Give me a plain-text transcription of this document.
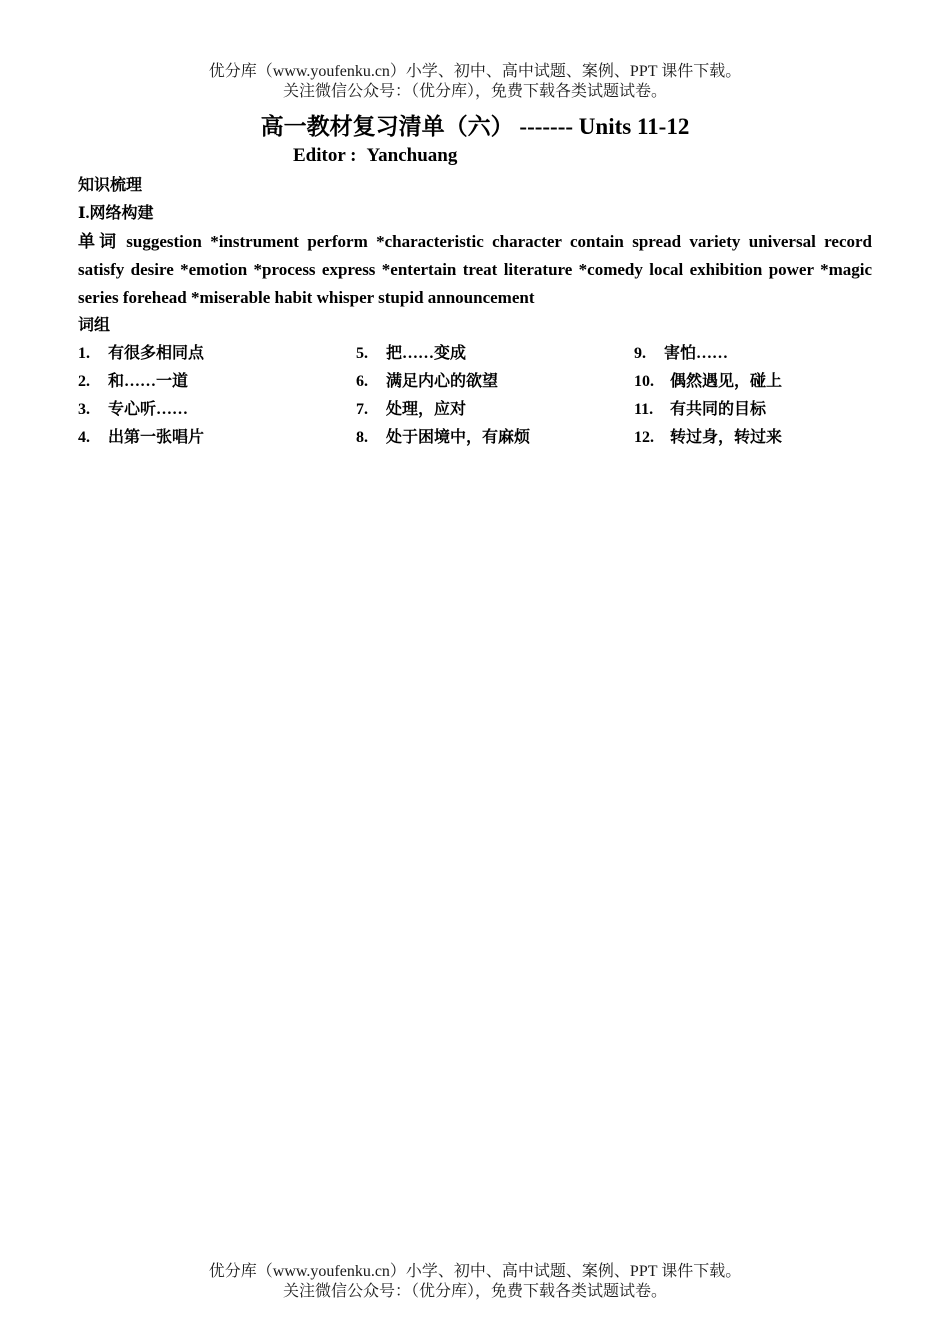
优分库（www.youfenku.cn）小学、初中、高中试题、案例、PPT 课件下载。
关注微信公众号：（优分库），免费下载各类试题试卷。
高一教材复习清单（六） ------- Units 11-12
Editor : Yanchuang
知识梳理
Ⅰ.网络构建
单词 suggestion *instrument perform *characteristic character contain spread variety universal record satisfy desire *emotion *process express *entertain treat literature *comedy local exhibition power *magic series forehead *miserable habit whisper stupid announcement
词组
1. 有很多相同点	5. 把……变成	9. 害怕……
2. 和……一道	6. 满足内心的欲望	10. 偶然遇见，碰上
3. 专心听……	7. 处理，应对	11. 有共同的目标
4. 出第一张唱片	8. 处于困境中，有麻烦	12. 转过身，转过来
优分库（www.youfenku.cn）小学、初中、高中试题、案例、PPT 课件下载。
关注微信公众号：（优分库），免费下载各类试题试卷。
